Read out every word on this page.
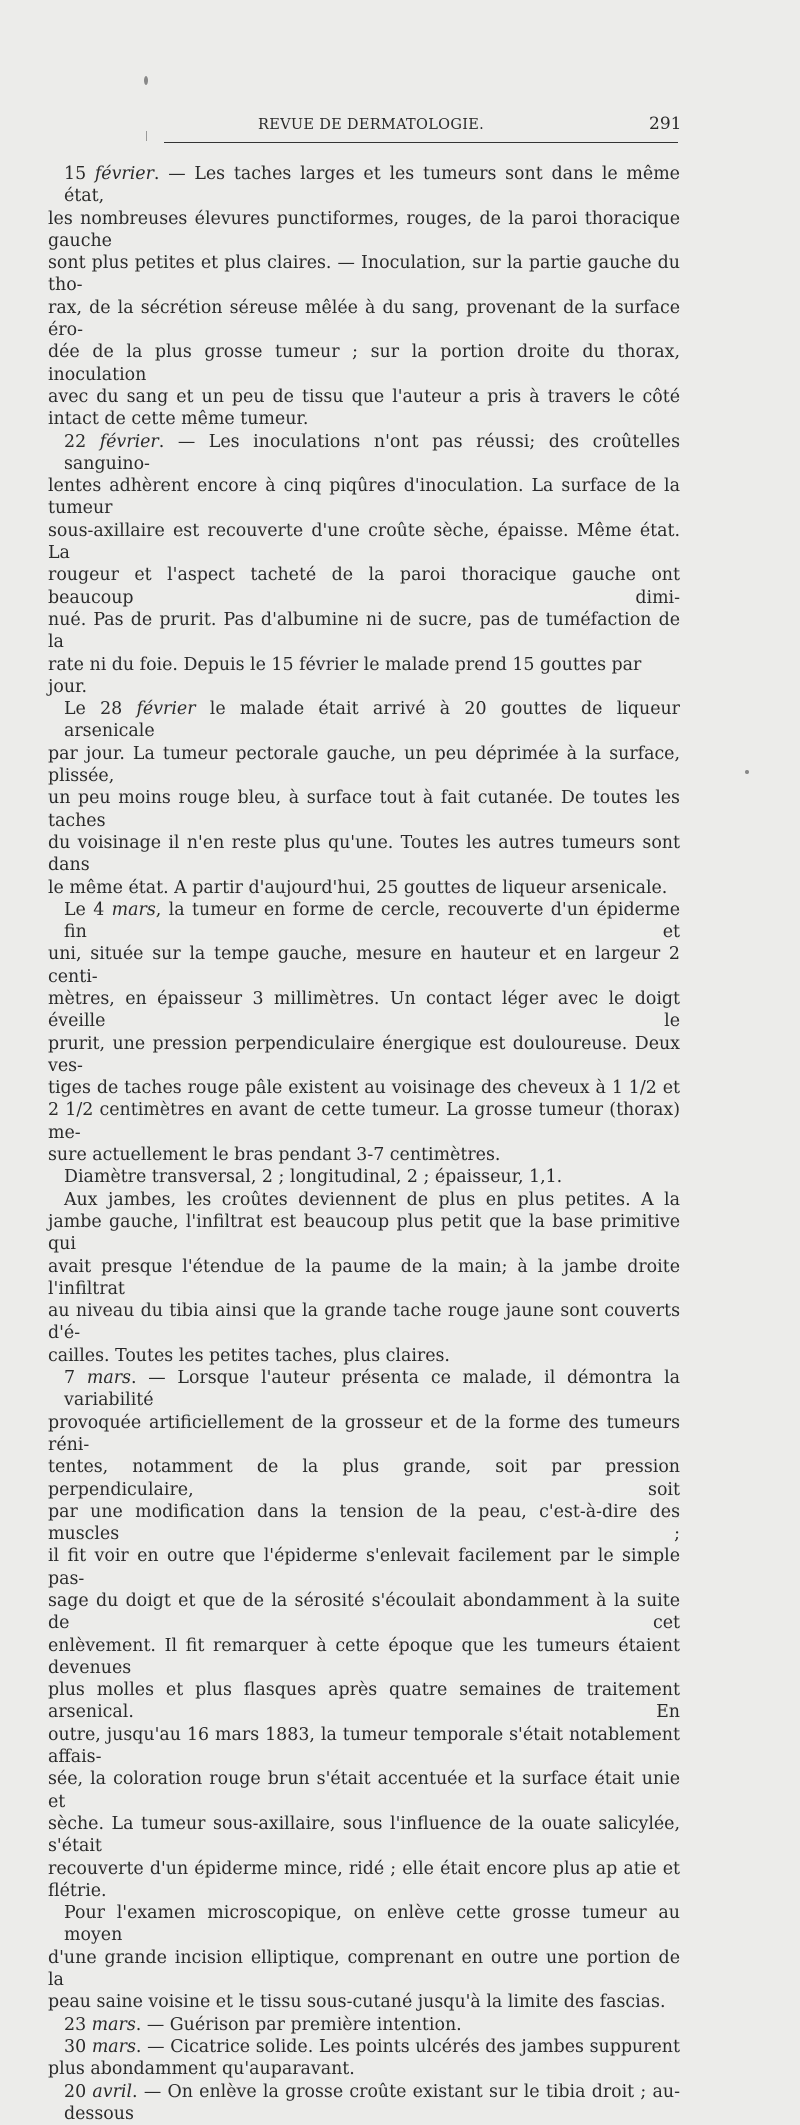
REVUE DE DERMATOLOGIE.	291
15 février. — Les taches larges et les tumeurs sont dans le même état,
les nombreuses élevures punctiformes, rouges, de la paroi thoracique gauche
sont plus petites et plus claires. — Inoculation, sur la partie gauche du tho-
rax, de la sécrétion séreuse mêlée à du sang, provenant de la surface éro-
dée de la plus grosse tumeur ; sur la portion droite du thorax, inoculation
avec du sang et un peu de tissu que l'auteur a pris à travers le côté
intact de cette même tumeur.
22 février. — Les inoculations n'ont pas réussi; des croûtelles sanguino-
lentes adhèrent encore à cinq piqûres d'inoculation. La surface de la tumeur
sous-axillaire est recouverte d'une croûte sèche, épaisse. Même état. La
rougeur et l'aspect tacheté de la paroi thoracique gauche ont beaucoup dimi-
nué. Pas de prurit. Pas d'albumine ni de sucre, pas de tuméfaction de la
rate ni du foie. Depuis le 15 février le malade prend 15 gouttes par jour.
Le 28 février le malade était arrivé à 20 gouttes de liqueur arsenicale
par jour. La tumeur pectorale gauche, un peu déprimée à la surface, plissée,
un peu moins rouge bleu, à surface tout à fait cutanée. De toutes les taches
du voisinage il n'en reste plus qu'une. Toutes les autres tumeurs sont dans
le même état. A partir d'aujourd'hui, 25 gouttes de liqueur arsenicale.
Le 4 mars, la tumeur en forme de cercle, recouverte d'un épiderme fin et
uni, située sur la tempe gauche, mesure en hauteur et en largeur 2 centi-
mètres, en épaisseur 3 millimètres. Un contact léger avec le doigt éveille le
prurit, une pression perpendiculaire énergique est douloureuse. Deux ves-
tiges de taches rouge pâle existent au voisinage des cheveux à 1 1/2 et
2 1/2 centimètres en avant de cette tumeur. La grosse tumeur (thorax) me-
sure actuellement le bras pendant 3-7 centimètres.
Diamètre transversal, 2 ; longitudinal, 2 ; épaisseur, 1,1.
Aux jambes, les croûtes deviennent de plus en plus petites. A la
jambe gauche, l'infiltrat est beaucoup plus petit que la base primitive qui
avait presque l'étendue de la paume de la main; à la jambe droite l'infiltrat
au niveau du tibia ainsi que la grande tache rouge jaune sont couverts d'é-
cailles. Toutes les petites taches, plus claires.
7 mars. — Lorsque l'auteur présenta ce malade, il démontra la variabilité
provoquée artificiellement de la grosseur et de la forme des tumeurs réni-
tentes, notamment de la plus grande, soit par pression perpendiculaire, soit
par une modification dans la tension de la peau, c'est-à-dire des muscles ;
il fit voir en outre que l'épiderme s'enlevait facilement par le simple pas-
sage du doigt et que de la sérosité s'écoulait abondamment à la suite de cet
enlèvement. Il fit remarquer à cette époque que les tumeurs étaient devenues
plus molles et plus flasques après quatre semaines de traitement arsenical. En
outre, jusqu'au 16 mars 1883, la tumeur temporale s'était notablement affais-
sée, la coloration rouge brun s'était accentuée et la surface était unie et
sèche. La tumeur sous-axillaire, sous l'influence de la ouate salicylée, s'était
recouverte d'un épiderme mince, ridé ; elle était encore plus ap atie et
flétrie.
Pour l'examen microscopique, on enlève cette grosse tumeur au moyen
d'une grande incision elliptique, comprenant en outre une portion de la
peau saine voisine et le tissu sous-cutané jusqu'à la limite des fascias.
23 mars. — Guérison par première intention.
30 mars. — Cicatrice solide. Les points ulcérés des jambes suppurent
plus abondamment qu'auparavant.
20 avril. — On enlève la grosse croûte existant sur le tibia droit ; au-dessous
